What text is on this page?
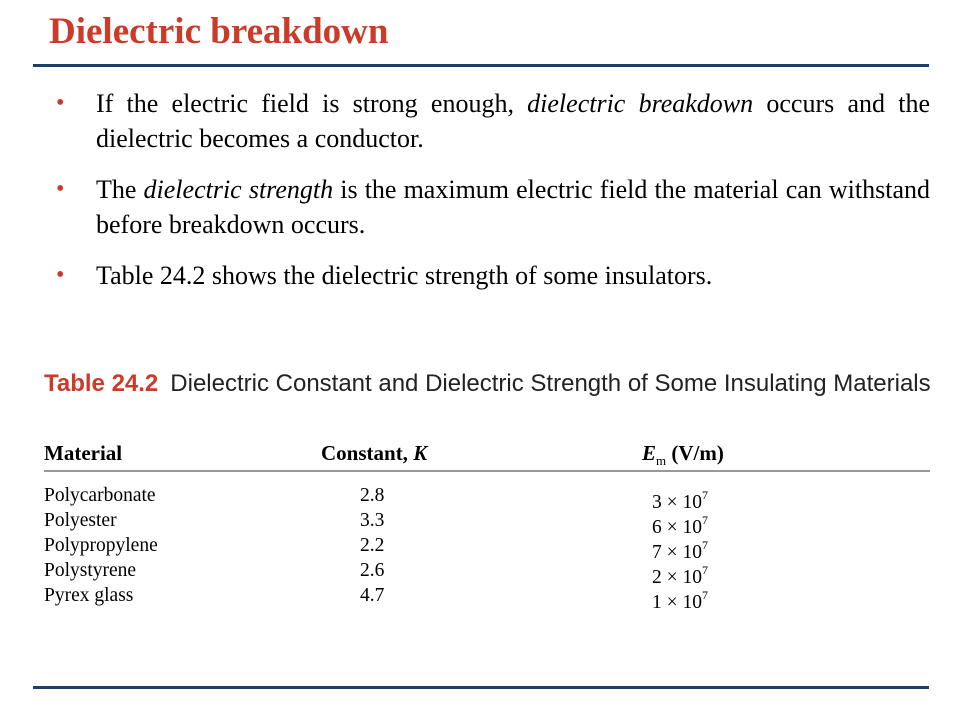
Dielectric breakdown
• If the electric field is strong enough, dielectric breakdown occurs and the dielectric becomes a conductor.
• The dielectric strength is the maximum electric field the material can withstand before breakdown occurs.
• Table 24.2 shows the dielectric strength of some insulators.
Table 24.2 Dielectric Constant and Dielectric Strength of Some Insulating Materials
Material	Constant, K	$E_m$ (V/m)
Polycarbonate	2.8	$3 \times 10^7$
Polyester	3.3	$6 \times 10^7$
Polypropylene	2.2	$7 \times 10^7$
Polystyrene	2.6	$2 \times 10^7$
Pyrex glass	4.7	$1 \times 10^7$
